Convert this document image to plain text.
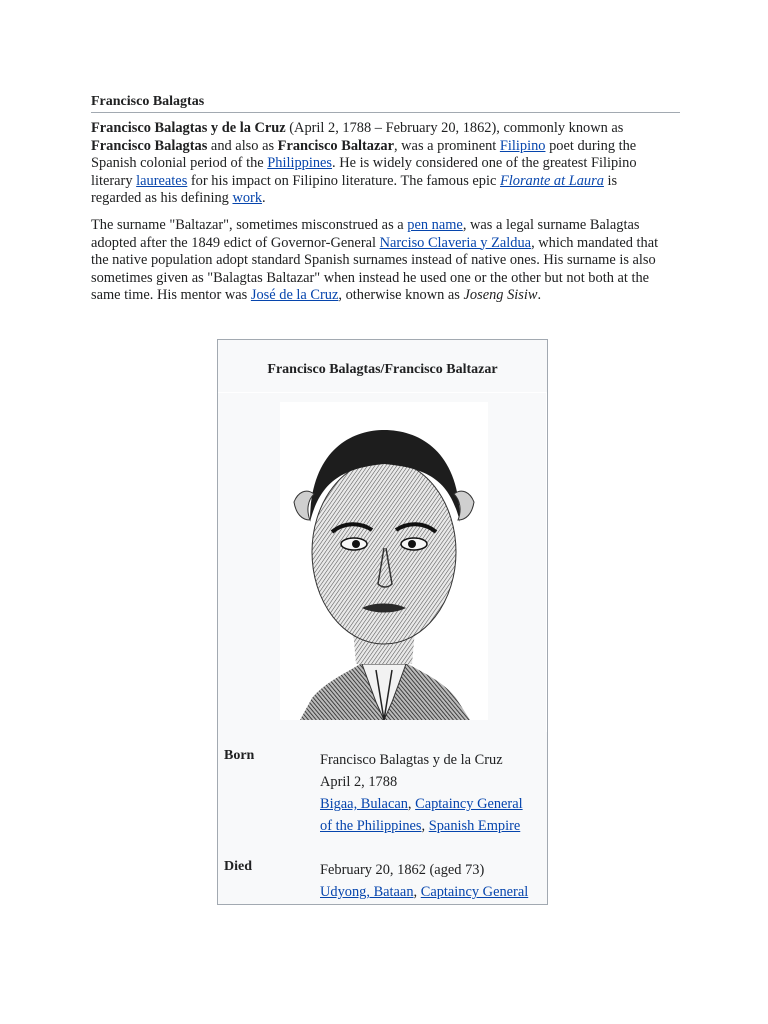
Francisco Balagtas

Francisco Balagtas y de la Cruz (April 2, 1788 – February 20, 1862), commonly known as Francisco Balagtas and also as Francisco Baltazar, was a prominent Filipino poet during the Spanish colonial period of the Philippines. He is widely considered one of the greatest Filipino literary laureates for his impact on Filipino literature. The famous epic Florante at Laura is regarded as his defining work.

The surname "Baltazar", sometimes misconstrued as a pen name, was a legal surname Balagtas adopted after the 1849 edict of Governor-General Narciso Claveria y Zaldua, which mandated that the native population adopt standard Spanish surnames instead of native ones. His surname is also sometimes given as "Balagtas Baltazar" when instead he used one or the other but not both at the same time. His mentor was José de la Cruz, otherwise known as Joseng Sisiw.

Francisco Balagtas/Francisco Baltazar
Born	Francisco Balagtas y de la Cruz
April 2, 1788
Bigaa, Bulacan, Captaincy General
of the Philippines, Spanish Empire
Died	February 20, 1862 (aged 73)
Udyong, Bataan, Captaincy General
